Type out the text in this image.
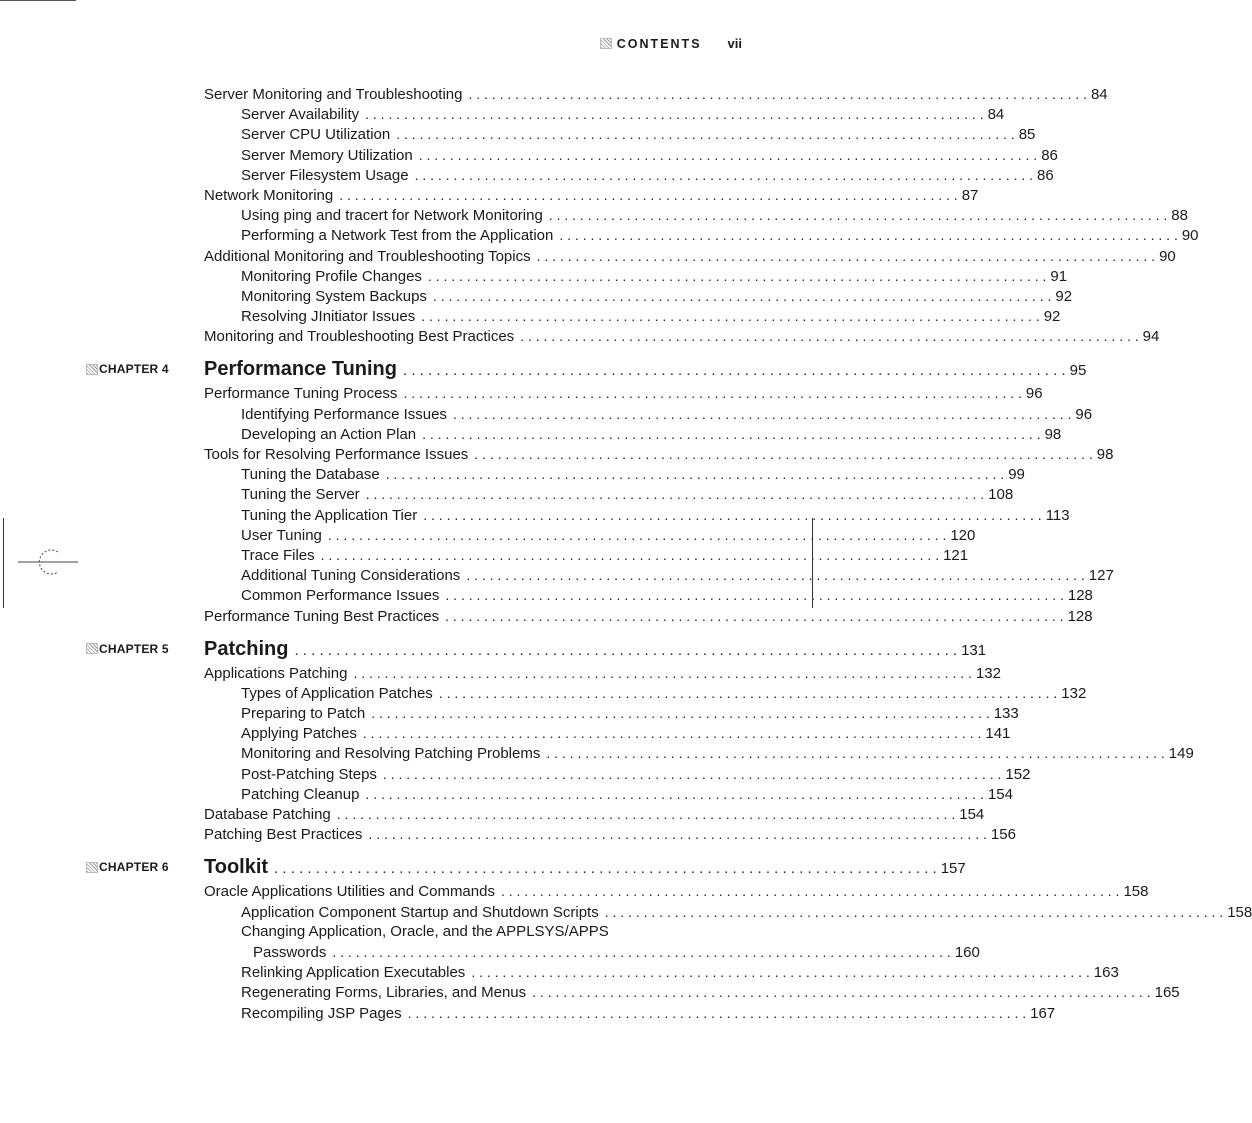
CONTENTS vii
Server Monitoring and Troubleshooting . . . . . . . . . . . . . . . . . . . . . . . . . . . . . . . . . . . . . . . . . . . . . . . . . . . . . . . . . . . . . . . . . . . . . . . . . . . . . . . . 84
Server Availability . . . . . . . . . . . . . . . . . . . . . . . . . . . . . . . . . . . . . . . . . . . . . . . . . . . . . . . . . . . . . . . . . . . . . . . . . . . . . . . . 84
Server CPU Utilization . . . . . . . . . . . . . . . . . . . . . . . . . . . . . . . . . . . . . . . . . . . . . . . . . . . . . . . . . . . . . . . . . . . . . . . . . . . . . . . . 85
Server Memory Utilization . . . . . . . . . . . . . . . . . . . . . . . . . . . . . . . . . . . . . . . . . . . . . . . . . . . . . . . . . . . . . . . . . . . . . . . . . . . . . . . . 86
Server Filesystem Usage . . . . . . . . . . . . . . . . . . . . . . . . . . . . . . . . . . . . . . . . . . . . . . . . . . . . . . . . . . . . . . . . . . . . . . . . . . . . . . . . 86
Network Monitoring . . . . . . . . . . . . . . . . . . . . . . . . . . . . . . . . . . . . . . . . . . . . . . . . . . . . . . . . . . . . . . . . . . . . . . . . . . . . . . . . 87
Using ping and tracert for Network Monitoring . . . . . . . . . . . . . . . . . . . . . . . . . . . . . . . . . . . . . . . . . . . . . . . . . . . . . . . . . . . . . . . . . . . . . . . . . . . . . . . . 88
Performing a Network Test from the Application . . . . . . . . . . . . . . . . . . . . . . . . . . . . . . . . . . . . . . . . . . . . . . . . . . . . . . . . . . . . . . . . . . . . . . . . . . . . . . . . 90
Additional Monitoring and Troubleshooting Topics . . . . . . . . . . . . . . . . . . . . . . . . . . . . . . . . . . . . . . . . . . . . . . . . . . . . . . . . . . . . . . . . . . . . . . . . . . . . . . . . 90
Monitoring Profile Changes . . . . . . . . . . . . . . . . . . . . . . . . . . . . . . . . . . . . . . . . . . . . . . . . . . . . . . . . . . . . . . . . . . . . . . . . . . . . . . . . 91
Monitoring System Backups . . . . . . . . . . . . . . . . . . . . . . . . . . . . . . . . . . . . . . . . . . . . . . . . . . . . . . . . . . . . . . . . . . . . . . . . . . . . . . . . 92
Resolving JInitiator Issues . . . . . . . . . . . . . . . . . . . . . . . . . . . . . . . . . . . . . . . . . . . . . . . . . . . . . . . . . . . . . . . . . . . . . . . . . . . . . . . . 92
Monitoring and Troubleshooting Best Practices . . . . . . . . . . . . . . . . . . . . . . . . . . . . . . . . . . . . . . . . . . . . . . . . . . . . . . . . . . . . . . . . . . . . . . . . . . . . . . . . 94
CHAPTER 4 Performance Tuning . . . . . . . . . . . . . . . . . . . . . . . . . . . . . . . . . . . . . . . . . . . . . . . . . . . . . . . . . . . . . . . . . . . . . . . . . . . . . . . . 95
Performance Tuning Process . . . . . . . . . . . . . . . . . . . . . . . . . . . . . . . . . . . . . . . . . . . . . . . . . . . . . . . . . . . . . . . . . . . . . . . . . . . . . . . . 96
Identifying Performance Issues . . . . . . . . . . . . . . . . . . . . . . . . . . . . . . . . . . . . . . . . . . . . . . . . . . . . . . . . . . . . . . . . . . . . . . . . . . . . . . . . 96
Developing an Action Plan . . . . . . . . . . . . . . . . . . . . . . . . . . . . . . . . . . . . . . . . . . . . . . . . . . . . . . . . . . . . . . . . . . . . . . . . . . . . . . . . 98
Tools for Resolving Performance Issues . . . . . . . . . . . . . . . . . . . . . . . . . . . . . . . . . . . . . . . . . . . . . . . . . . . . . . . . . . . . . . . . . . . . . . . . . . . . . . . . 98
Tuning the Database . . . . . . . . . . . . . . . . . . . . . . . . . . . . . . . . . . . . . . . . . . . . . . . . . . . . . . . . . . . . . . . . . . . . . . . . . . . . . . . . 99
Tuning the Server . . . . . . . . . . . . . . . . . . . . . . . . . . . . . . . . . . . . . . . . . . . . . . . . . . . . . . . . . . . . . . . . . . . . . . . . . . . . . . . . 108
Tuning the Application Tier . . . . . . . . . . . . . . . . . . . . . . . . . . . . . . . . . . . . . . . . . . . . . . . . . . . . . . . . . . . . . . . . . . . . . . . . . . . . . . . . 113
User Tuning . . . . . . . . . . . . . . . . . . . . . . . . . . . . . . . . . . . . . . . . . . . . . . . . . . . . . . . . . . . . . . . . . . . . . . . . . . . . . . . . 120
Trace Files . . . . . . . . . . . . . . . . . . . . . . . . . . . . . . . . . . . . . . . . . . . . . . . . . . . . . . . . . . . . . . . . . . . . . . . . . . . . . . . . 121
Additional Tuning Considerations . . . . . . . . . . . . . . . . . . . . . . . . . . . . . . . . . . . . . . . . . . . . . . . . . . . . . . . . . . . . . . . . . . . . . . . . . . . . . . . . 127
Common Performance Issues . . . . . . . . . . . . . . . . . . . . . . . . . . . . . . . . . . . . . . . . . . . . . . . . . . . . . . . . . . . . . . . . . . . . . . . . . . . . . . . . 128
Performance Tuning Best Practices . . . . . . . . . . . . . . . . . . . . . . . . . . . . . . . . . . . . . . . . . . . . . . . . . . . . . . . . . . . . . . . . . . . . . . . . . . . . . . . . 128
CHAPTER 5 Patching . . . . . . . . . . . . . . . . . . . . . . . . . . . . . . . . . . . . . . . . . . . . . . . . . . . . . . . . . . . . . . . . . . . . . . . . . . . . . . . . 131
Applications Patching . . . . . . . . . . . . . . . . . . . . . . . . . . . . . . . . . . . . . . . . . . . . . . . . . . . . . . . . . . . . . . . . . . . . . . . . . . . . . . . . 132
Types of Application Patches . . . . . . . . . . . . . . . . . . . . . . . . . . . . . . . . . . . . . . . . . . . . . . . . . . . . . . . . . . . . . . . . . . . . . . . . . . . . . . . . 132
Preparing to Patch . . . . . . . . . . . . . . . . . . . . . . . . . . . . . . . . . . . . . . . . . . . . . . . . . . . . . . . . . . . . . . . . . . . . . . . . . . . . . . . . 133
Applying Patches . . . . . . . . . . . . . . . . . . . . . . . . . . . . . . . . . . . . . . . . . . . . . . . . . . . . . . . . . . . . . . . . . . . . . . . . . . . . . . . . 141
Monitoring and Resolving Patching Problems . . . . . . . . . . . . . . . . . . . . . . . . . . . . . . . . . . . . . . . . . . . . . . . . . . . . . . . . . . . . . . . . . . . . . . . . . . . . . . . . 149
Post-Patching Steps . . . . . . . . . . . . . . . . . . . . . . . . . . . . . . . . . . . . . . . . . . . . . . . . . . . . . . . . . . . . . . . . . . . . . . . . . . . . . . . . 152
Patching Cleanup . . . . . . . . . . . . . . . . . . . . . . . . . . . . . . . . . . . . . . . . . . . . . . . . . . . . . . . . . . . . . . . . . . . . . . . . . . . . . . . . 154
Database Patching . . . . . . . . . . . . . . . . . . . . . . . . . . . . . . . . . . . . . . . . . . . . . . . . . . . . . . . . . . . . . . . . . . . . . . . . . . . . . . . . 154
Patching Best Practices . . . . . . . . . . . . . . . . . . . . . . . . . . . . . . . . . . . . . . . . . . . . . . . . . . . . . . . . . . . . . . . . . . . . . . . . . . . . . . . . 156
CHAPTER 6 Toolkit . . . . . . . . . . . . . . . . . . . . . . . . . . . . . . . . . . . . . . . . . . . . . . . . . . . . . . . . . . . . . . . . . . . . . . . . . . . . . . . . 157
Oracle Applications Utilities and Commands . . . . . . . . . . . . . . . . . . . . . . . . . . . . . . . . . . . . . . . . . . . . . . . . . . . . . . . . . . . . . . . . . . . . . . . . . . . . . . . . 158
Application Component Startup and Shutdown Scripts . . . . . . . . . . . . . . . . . . . . . . . . . . . . . . . . . . . . . . . . . . . . . . . . . . . . . . . . . . . . . . . . . . . . . . . . . . . . . . . . 158
Changing Application, Oracle, and the APPLSYS/APPS
Passwords . . . . . . . . . . . . . . . . . . . . . . . . . . . . . . . . . . . . . . . . . . . . . . . . . . . . . . . . . . . . . . . . . . . . . . . . . . . . . . . . 160
Relinking Application Executables . . . . . . . . . . . . . . . . . . . . . . . . . . . . . . . . . . . . . . . . . . . . . . . . . . . . . . . . . . . . . . . . . . . . . . . . . . . . . . . . 163
Regenerating Forms, Libraries, and Menus . . . . . . . . . . . . . . . . . . . . . . . . . . . . . . . . . . . . . . . . . . . . . . . . . . . . . . . . . . . . . . . . . . . . . . . . . . . . . . . . 165
Recompiling JSP Pages . . . . . . . . . . . . . . . . . . . . . . . . . . . . . . . . . . . . . . . . . . . . . . . . . . . . . . . . . . . . . . . . . . . . . . . . . . . . . . . . 167
